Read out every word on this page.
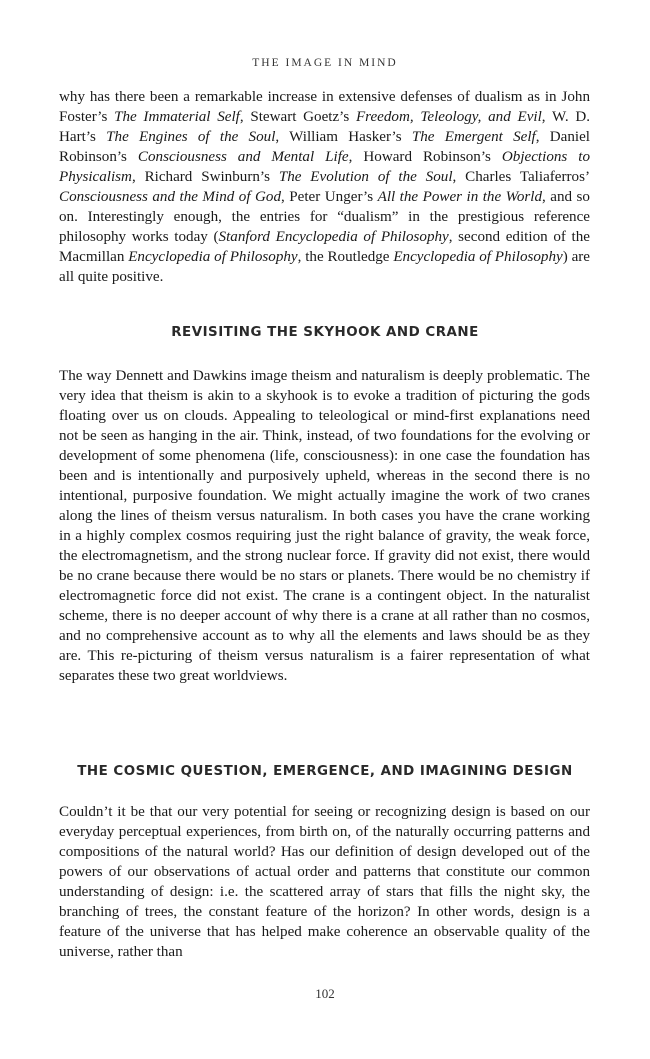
THE IMAGE IN MIND

why has there been a remarkable increase in extensive defenses of dualism as in John Foster’s The Immaterial Self, Stewart Goetz’s Freedom, Teleology, and Evil, W. D. Hart’s The Engines of the Soul, William Hasker’s The Emergent Self, Daniel Robinson’s Consciousness and Mental Life, Howard Robinson’s Objections to Physicalism, Richard Swinburn’s The Evolution of the Soul, Charles Taliaferros’ Consciousness and the Mind of God, Peter Unger’s All the Power in the World, and so on. Interestingly enough, the entries for “dualism” in the prestigious reference philosophy works today (Stanford Encyclopedia of Philosophy, second edition of the Macmillan Encyclopedia of Philosophy, the Routledge Encyclopedia of Philosophy) are all quite positive.

REVISITING THE SKYHOOK AND CRANE

The way Dennett and Dawkins image theism and naturalism is deeply problematic. The very idea that theism is akin to a skyhook is to evoke a tradition of picturing the gods floating over us on clouds. Appealing to teleological or mind-first explanations need not be seen as hanging in the air. Think, instead, of two foundations for the evolving or development of some phenomena (life, consciousness): in one case the foundation has been and is intentionally and purposively upheld, whereas in the second there is no intentional, purposive foundation. We might actually imagine the work of two cranes along the lines of theism versus naturalism. In both cases you have the crane working in a highly complex cosmos requiring just the right balance of gravity, the weak force, the electromagnetism, and the strong nuclear force. If gravity did not exist, there would be no crane because there would be no stars or planets. There would be no chemistry if electromagnetic force did not exist. The crane is a contingent object. In the naturalist scheme, there is no deeper account of why there is a crane at all rather than no cosmos, and no comprehensive account as to why all the elements and laws should be as they are. This re-picturing of theism versus naturalism is a fairer representation of what separates these two great worldviews.

THE COSMIC QUESTION, EMERGENCE, AND IMAGINING DESIGN

Couldn’t it be that our very potential for seeing or recognizing design is based on our everyday perceptual experiences, from birth on, of the naturally occurring patterns and compositions of the natural world? Has our definition of design developed out of the powers of our observations of actual order and patterns that constitute our common understanding of design: i.e. the scattered array of stars that fills the night sky, the branching of trees, the constant feature of the horizon? In other words, design is a feature of the universe that has helped make coherence an observable quality of the universe, rather than

102
